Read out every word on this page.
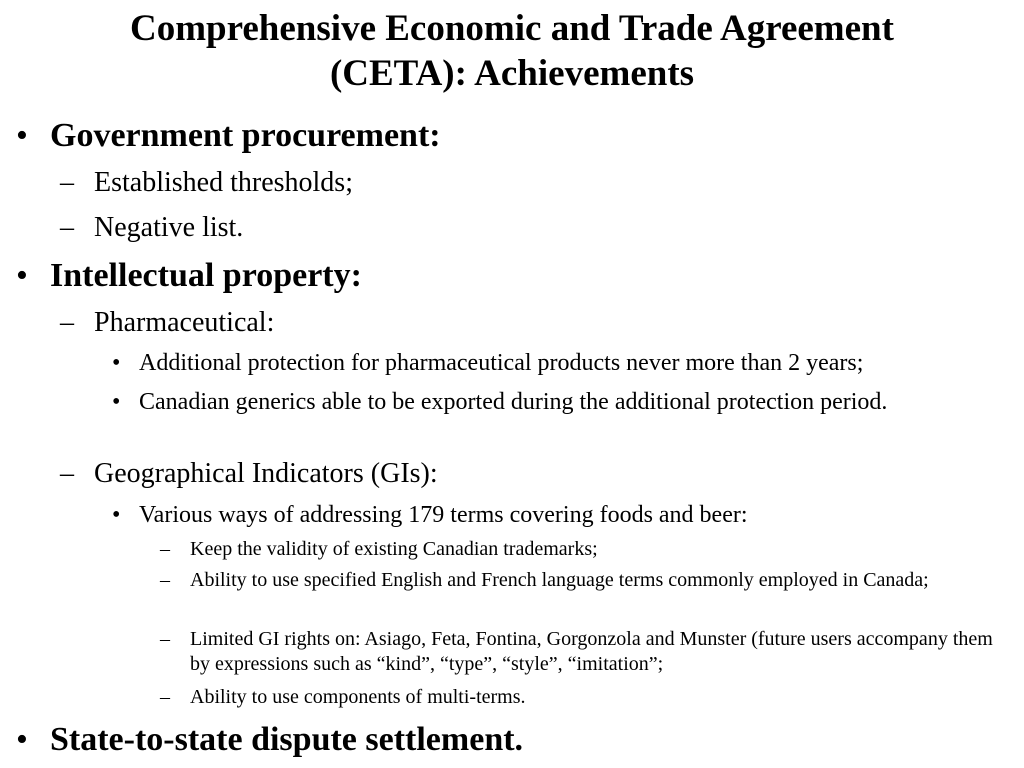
Comprehensive Economic and Trade Agreement
(CETA): Achievements
• Government procurement:
– Established thresholds;
– Negative list.
• Intellectual property:
– Pharmaceutical:
• Additional protection for pharmaceutical products never more than 2 years;
• Canadian generics able to be exported during the additional protection period.
– Geographical Indicators (GIs):
• Various ways of addressing 179 terms covering foods and beer:
–	Keep the validity of existing Canadian trademarks;
–	Ability to use specified English and French language terms commonly employed in Canada;
–	Limited GI rights on: Asiago, Feta, Fontina, Gorgonzola and Munster (future users accompany them by expressions such as “kind”, “type”, “style”, “imitation”;
–	Ability to use components of multi-terms.
• State-to-state dispute settlement.
